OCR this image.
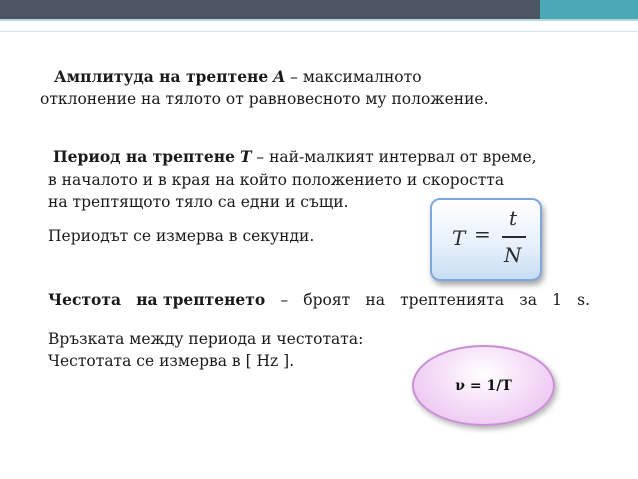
Амплитуда на трептене A – максималното
отклонение на тялото от равновесното му положение.
Период на трептене T – най-малкият интервал от време,
в началото и в края на който положението и скоростта
на трептящото тяло са едни и същи.
Периодът се измерва в секунди.	T =
t
N
Честота на трептенето – броят на трептенията за 1 s.
Връзката между периода и честотата:
Честотата се измерва в [ Hz ].
ν = 1/T
